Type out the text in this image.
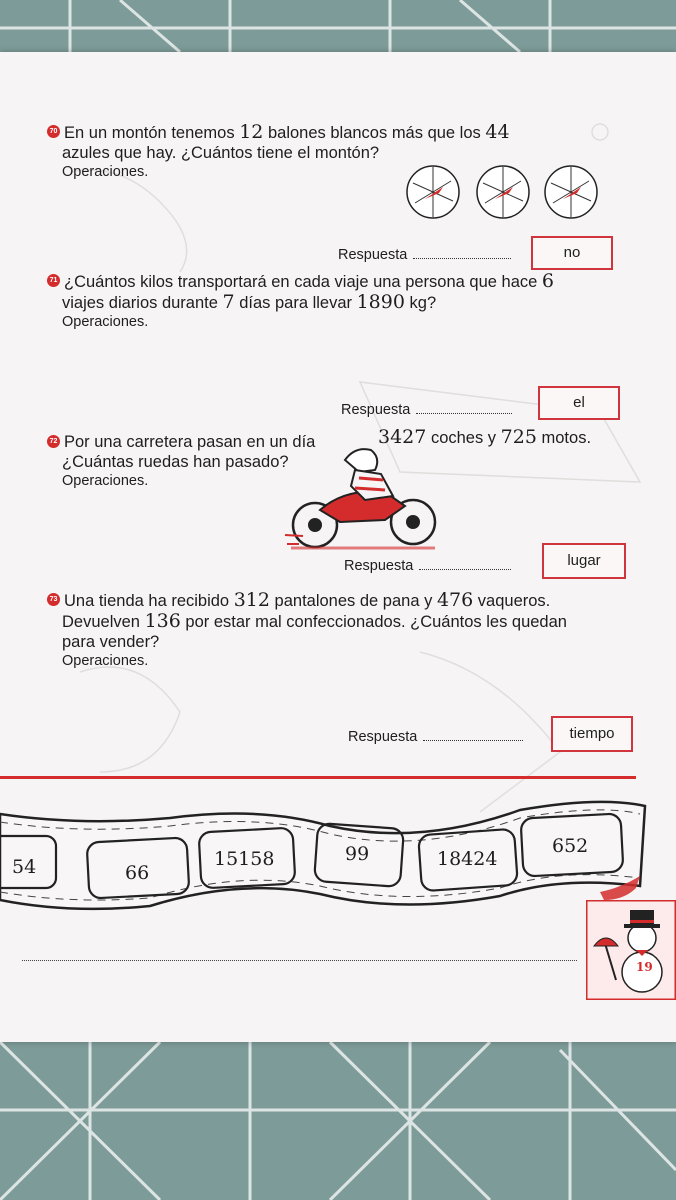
70 En un montón tenemos 12 balones blancos más que los 44
azules que hay. ¿Cuántos tiene el montón?
Operaciones.
Respuesta	no
71 ¿Cuántos kilos transportará en cada viaje una persona que hace 6
viajes diarios durante 7 días para llevar 1890 kg?
Operaciones.
Respuesta	el
72 Por una carretera pasan en un día
¿Cuántas ruedas han pasado?
Operaciones.
3427 coches y 725 motos.
Respuesta	lugar
73 Una tienda ha recibido 312 pantalones de pana y 476 vaqueros.
Devuelven 136 por estar mal confeccionados. ¿Cuántos les quedan
para vender?
Operaciones.
Respuesta	tiempo
54	66
15158	99	18424
652
19
